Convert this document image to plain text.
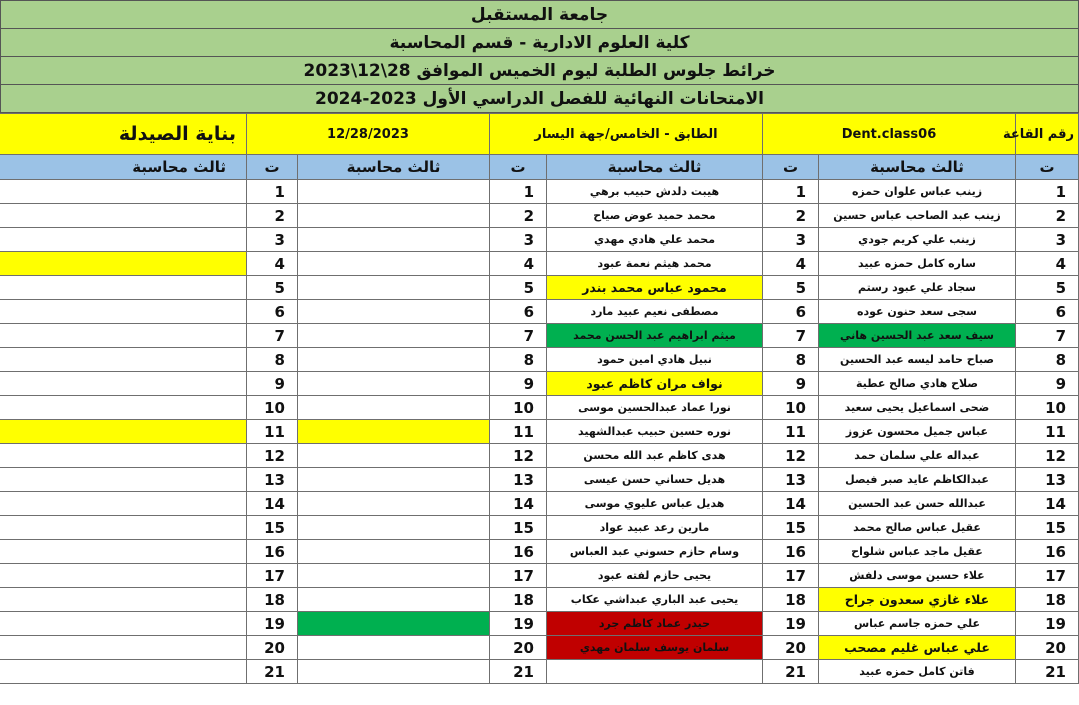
جامعة المستقبل
كلية العلوم الادارية - قسم المحاسبة
خرائط جلوس الطلبة ليوم الخميس الموافق 28\12\2023
الامتحانات النهائية للفصل الدراسي الأول 2023-2024
رقم القاعة	Dent.class06		الطابق - الخامس/جهة اليسار		12/28/2023		بناية الصيدلة
ت	ثالث محاسبة	ت	ثالث محاسبة	ت	ثالث محاسبة	ت	ثالث محاسبة
1	زينب عباس علوان حمزه	1	هيبت دلدش حبيب برهي	1		1	
2	زينب عبد الصاحب عباس حسين	2	محمد حميد عوض صياح	2		2	
3	زينب علي كريم جودي	3	محمد علي هادي مهدي	3		3	
4	ساره كامل حمزه عبيد	4	محمد هيثم نعمة عبود	4		4	
5	سجاد علي عبود رستم	5	محمود عباس محمد بندر	5		5	
6	سجى سعد حنون عوده	6	مصطفى نعيم عبيد مارد	6		6	
7	سيف سعد عبد الحسين هاني	7	ميثم ابراهيم عبد الحسن محمد	7		7	
8	صباح حامد ليسه عبد الحسين	8	نبيل هادي امين حمود	8		8	
9	صلاح هادي صالح عطية	9	نواف مران كاظم عبود	9		9	
10	ضحى اسماعيل يحيى سعيد	10	نورا عماد عبدالحسين موسى	10		10	
11	عباس جميل محسون عزوز	11	نوره حسين حبيب عبدالشهيد	11		11	
12	عبداله علي سلمان حمد	12	هدى كاظم عبد الله محسن	12		12	
13	عبدالكاظم عايد صبر فيصل	13	هديل حساني حسن عيسى	13		13	
14	عبدالله حسن عبد الحسين	14	هديل عباس عليوي موسى	14		14	
15	عقيل عباس صالح محمد	15	مارين رعد عبيد عواد	15		15	
16	عقيل ماجد عباس شلواح	16	وسام حازم حسوني عبد العباس	16		16	
17	علاء حسين موسى دلفش	17	يحيى حازم لفته عبود	17		17	
18	علاء غازي سعدون جراح	18	يحيى عبد الباري عبداشي عكاب	18		18	
19	علي حمزه جاسم عباس	19	حيدر عماد كاظم جرد	19		19	
20	علي عباس غليم مصحب	20	سلمان يوسف سلمان مهدي	20		20	
21	فاتن كامل حمزه عبيد	21		21		21	
